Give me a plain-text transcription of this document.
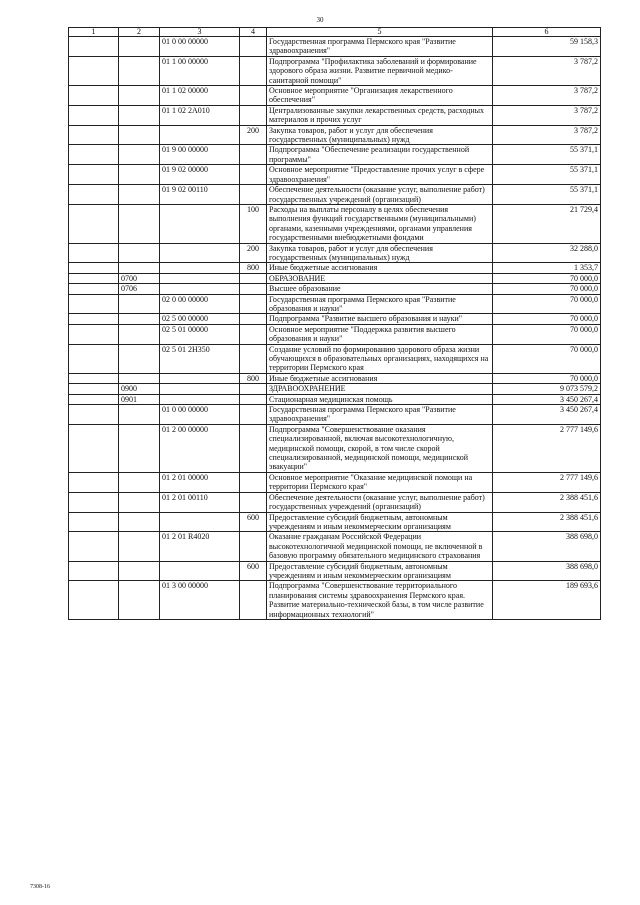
30
1	2	3	4	5	6
		01 0 00 00000		Государственная программа Пермского края "Развитие здравоохранения"	59 158,3
		01 1 00 00000		Подпрограмма "Профилактика заболеваний и формирование здорового образа жизни. Развитие первичной медико-санитарной помощи"	3 787,2
		01 1 02 00000		Основное мероприятие "Организация лекарственного обеспечения"	3 787,2
		01 1 02 2А010		Централизованные закупки лекарственных средств, расходных материалов и прочих услуг	3 787,2
			200	Закупка товаров, работ и услуг для обеспечения государственных (муниципальных) нужд	3 787,2
		01 9 00 00000		Подпрограмма "Обеспечение реализации государственной программы"	55 371,1
		01 9 02 00000		Основное мероприятие "Предоставление прочих услуг в сфере здравоохранения"	55 371,1
		01 9 02 00110		Обеспечение деятельности (оказание услуг, выполнение работ) государственных учреждений (организаций)	55 371,1
			100	Расходы на выплаты персоналу в целях обеспечения выполнения функций государственными (муниципальными) органами, казенными учреждениями, органами управления государственными внебюджетными фондами	21 729,4
			200	Закупка товаров, работ и услуг для обеспечения государственных (муниципальных) нужд	32 288,0
			800	Иные бюджетные ассигнования	1 353,7
	0700			ОБРАЗОВАНИЕ	70 000,0
	0706			Высшее образование	70 000,0
		02 0 00 00000		Государственная программа Пермского края "Развитие образования и науки"	70 000,0
		02 5 00 00000		Подпрограмма "Развитие высшего образования и науки"	70 000,0
		02 5 01 00000		Основное мероприятие "Поддержка развития высшего образования и науки"	70 000,0
		02 5 01 2Н350		Создание условий по формированию здорового образа жизни обучающихся в образовательных организациях, находящихся на территории Пермского края	70 000,0
			800	Иные бюджетные ассигнования	70 000,0
	0900			ЗДРАВООХРАНЕНИЕ	9 073 579,2
	0901			Стационарная медицинская помощь	3 450 267,4
		01 0 00 00000		Государственная программа Пермского края "Развитие здравоохранения"	3 450 267,4
		01 2 00 00000		Подпрограмма "Совершенствование оказания специализированной, включая высокотехнологичную, медицинской помощи, скорой, в том числе скорой специализированной, медицинской помощи, медицинской эвакуации"	2 777 149,6
		01 2 01 00000		Основное мероприятие "Оказание медицинской помощи на территории Пермского края"	2 777 149,6
		01 2 01 00110		Обеспечение деятельности (оказание услуг, выполнение работ) государственных учреждений (организаций)	2 388 451,6
			600	Предоставление субсидий бюджетным, автономным учреждениям и иным некоммерческим организациям	2 388 451,6
		01 2 01 R4020		Оказание гражданам Российской Федерации высокотехнологичной медицинской помощи, не включенной в базовую программу обязательного медицинского страхования	388 698,0
			600	Предоставление субсидий бюджетным, автономным учреждениям и иным некоммерческим организациям	388 698,0
		01 3 00 00000		Подпрограмма "Совершенствование территориального планирования системы здравоохранения Пермского края. Развитие материально-технической базы, в том числе развитие информационных технологий"	189 693,6
7308-16
